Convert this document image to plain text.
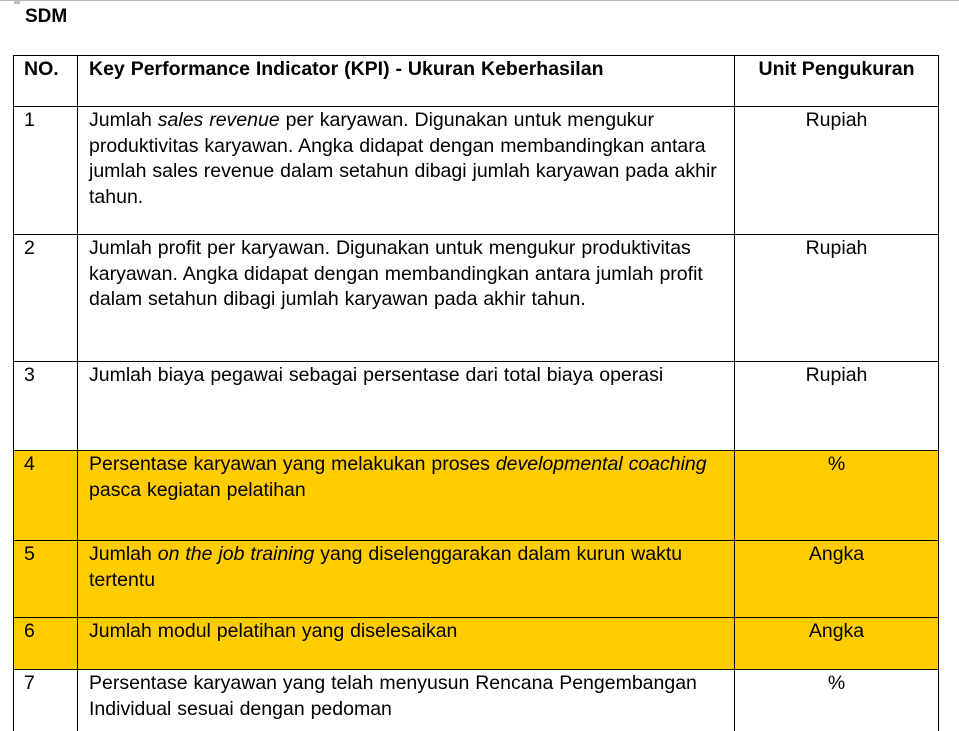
SDM
NO.	Key Performance Indicator (KPI) - Ukuran Keberhasilan	Unit Pengukuran
1	Jumlah sales revenue per karyawan. Digunakan untuk mengukur produktivitas karyawan. Angka didapat dengan membandingkan antara jumlah sales revenue dalam setahun dibagi jumlah karyawan pada akhir tahun.	Rupiah
2	Jumlah profit per karyawan. Digunakan untuk mengukur produktivitas karyawan. Angka didapat dengan membandingkan antara jumlah profit dalam setahun dibagi jumlah karyawan pada akhir tahun.	Rupiah
3	Jumlah biaya pegawai sebagai persentase dari total biaya operasi	Rupiah
4	Persentase karyawan yang melakukan proses developmental coaching pasca kegiatan pelatihan	%
5	Jumlah on the job training yang diselenggarakan dalam kurun waktu tertentu	Angka
6	Jumlah modul pelatihan yang diselesaikan	Angka
7	Persentase karyawan yang telah menyusun Rencana Pengembangan Individual sesuai dengan pedoman	%
